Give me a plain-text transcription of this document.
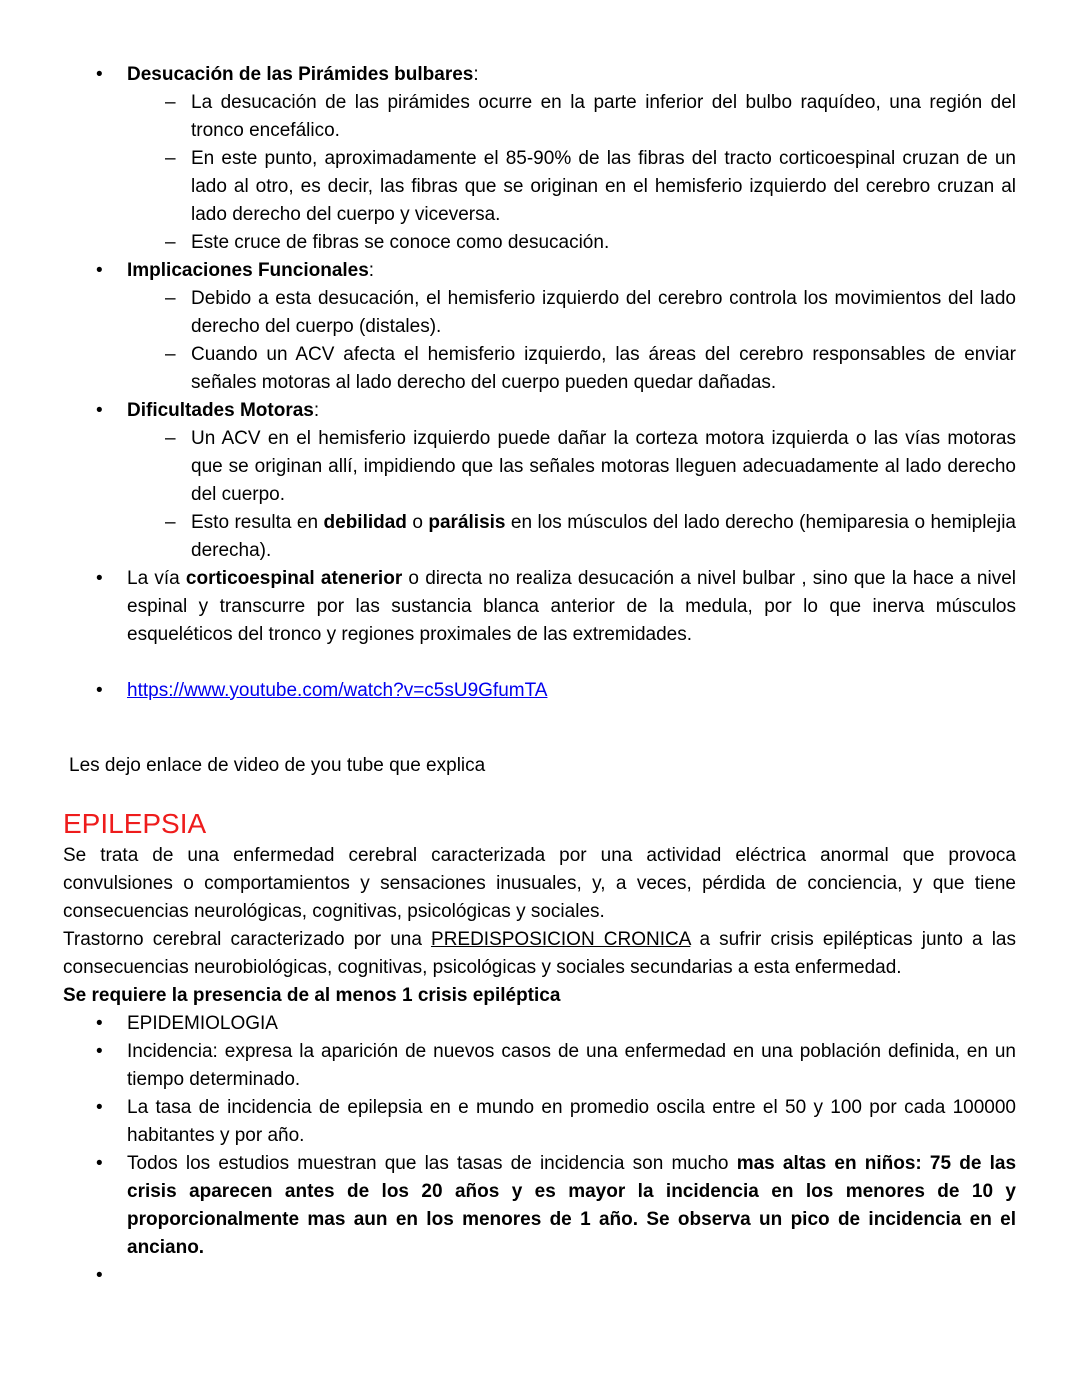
• Desucación de las Pirámides bulbares:
– La desucación de las pirámides ocurre en la parte inferior del bulbo raquídeo, una región del tronco encefálico.
– En este punto, aproximadamente el 85-90% de las fibras del tracto corticoespinal cruzan de un lado al otro, es decir, las fibras que se originan en el hemisferio izquierdo del cerebro cruzan al lado derecho del cuerpo y viceversa.
– Este cruce de fibras se conoce como desucación.
• Implicaciones Funcionales:
– Debido a esta desucación, el hemisferio izquierdo del cerebro controla los movimientos del lado derecho del cuerpo (distales).
– Cuando un ACV afecta el hemisferio izquierdo, las áreas del cerebro responsables de enviar señales motoras al lado derecho del cuerpo pueden quedar dañadas.
• Dificultades Motoras:
– Un ACV en el hemisferio izquierdo puede dañar la corteza motora izquierda o las vías motoras que se originan allí, impidiendo que las señales motoras lleguen adecuadamente al lado derecho del cuerpo.
– Esto resulta en debilidad o parálisis en los músculos del lado derecho (hemiparesia o hemiplejia derecha).
• La vía corticoespinal atenerior o directa no realiza desucación a nivel bulbar , sino que la hace a nivel espinal y transcurre por las sustancia blanca anterior de la medula, por lo que inerva músculos esqueléticos del tronco y regiones proximales de las extremidades.
• https://www.youtube.com/watch?v=c5sU9GfumTA
Les dejo enlace de video de you tube que explica
EPILEPSIA
Se trata de una enfermedad cerebral caracterizada por una actividad eléctrica anormal que provoca convulsiones o comportamientos y sensaciones inusuales, y, a veces, pérdida de conciencia, y que tiene consecuencias neurológicas, cognitivas, psicológicas y sociales.
Trastorno cerebral caracterizado por una PREDISPOSICION CRONICA a sufrir crisis epilépticas junto a las consecuencias neurobiológicas, cognitivas, psicológicas y sociales secundarias a esta enfermedad.
Se requiere la presencia de al menos 1 crisis epiléptica
• EPIDEMIOLOGIA
• Incidencia: expresa la aparición de nuevos casos de una enfermedad en una población definida, en un tiempo determinado.
• La tasa de incidencia de epilepsia en e mundo en promedio oscila entre el 50 y 100 por cada 100000 habitantes y por año.
• Todos los estudios muestran que las tasas de incidencia son mucho mas altas en niños: 75 de las crisis aparecen antes de los 20 años y es mayor la incidencia en los menores de 10 y proporcionalmente mas aun en los menores de 1 año. Se observa un pico de incidencia en el anciano.
•
